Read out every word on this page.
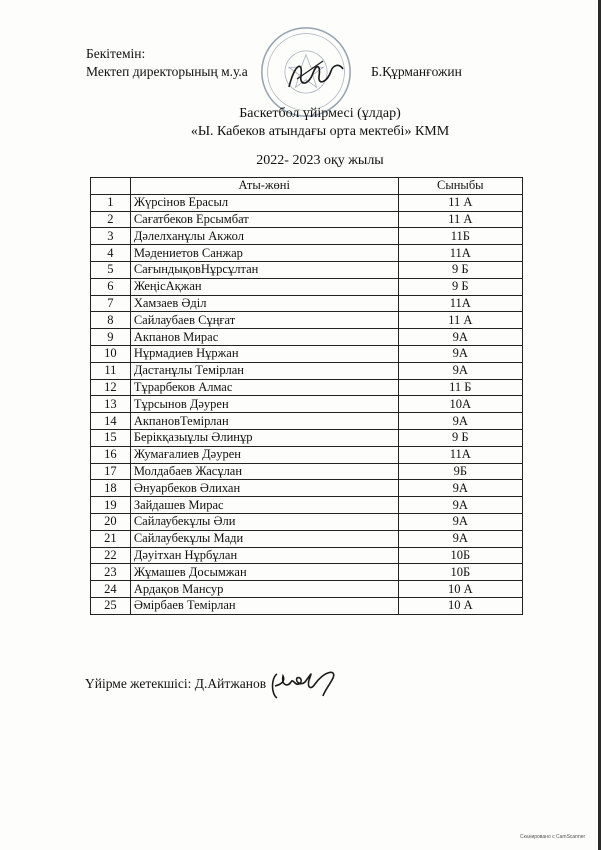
Бекітемін:
Мектеп директорының м.у.а	Б.Құрманғожин
Баскетбол үйірмесі (ұлдар)
«Ы. Кабеков атындағы орта мектебі» КММ
2022- 2023 оқу жылы
	Аты-жөні	Сыныбы
1	Жүрсінов Ерасыл	11 А
2	Сағатбеков Ерсымбат	11 А
3	Дәлелханұлы Акжол	11Б
4	Мәдениетов Санжар	11А
5	СағындықовНұрсұлтан	9 Б
6	ЖеңісАқжан	9 Б
7	Хамзаев Әділ	11А
8	Сайлаубаев Сұңғат	11 А
9	Акпанов Мирас	9А
10	Нұрмадиев Нұржан	9А
11	Дастанұлы Темірлан	9А
12	Тұрарбеков Алмас	11 Б
13	Тұрсынов Дәурен	10А
14	АкпановТемірлан	9А
15	Берікқазыұлы Әлинұр	9 Б
16	Жумағалиев Дәурен	11А
17	Молдабаев Жасұлан	9Б
18	Әнуарбеков Әлихан	9А
19	Зайдашев Мирас	9А
20	Сайлаубекұлы Әли	9А
21	Сайлаубекұлы Мади	9А
22	Дәуітхан Нұрбұлан	10Б
23	Жұмашев Досымжан	10Б
24	Ардақов Мансур	10 А
25	Әмірбаев Темірлан	10 А
Үйірме жетекшісі: Д.Айтжанов
Сканировано с CamScanner
